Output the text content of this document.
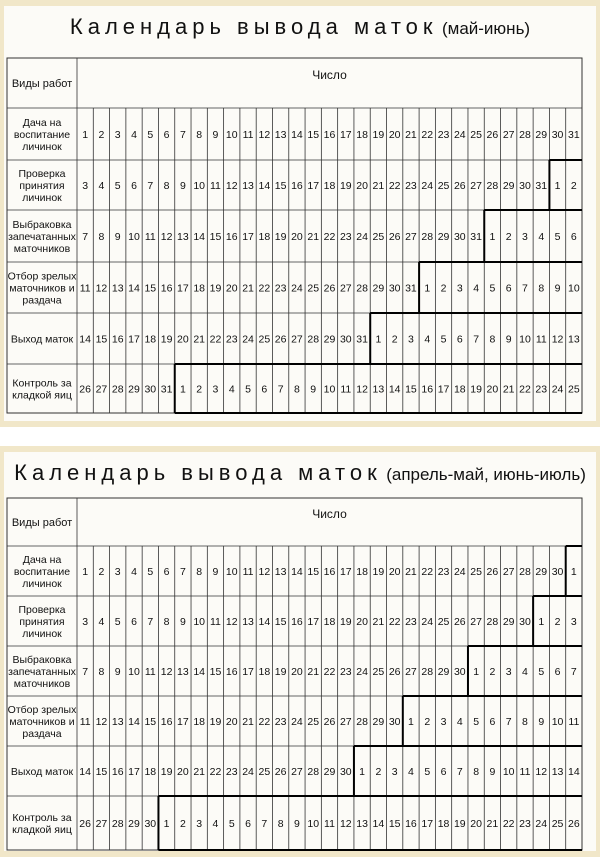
Календарь вывода маток (май-июнь)
Виды работ
Число
Дача на
воспитание
личинок
1 2 3 4 5 6 7 8 9 10 11 12 13 14 15 16 17 18 19 20 21 22 23 24 25 26 27 28 29 30 31
Проверка
принятия
личинок
3 4 5 6 7 8 9 10 11 12 13 14 15 16 17 18 19 20 21 22 23 24 25 26 27 28 29 30 31 1 2
Выбраковка
запечатанных
маточников
7 8 9 10 11 12 13 14 15 16 17 18 19 20 21 22 23 24 25 26 27 28 29 30 31 1 2 3 4 5 6
Отбор зрелых
маточников и
раздача
11 12 13 14 15 16 17 18 19 20 21 22 23 24 25 26 27 28 29 30 31 1 2 3 4 5 6 7 8 9 10
Выход маток 14 15 16 17 18 19 20 21 22 23 24 25 26 27 28 29 30 31 1 2 3 4 5 6 7 8 9 10 11 12 13
Контроль за
кладкой яиц 26 27 28 29 30 31 1 2 3 4 5 6 7 8 9 10 11 12 13 14 15 16 17 18 19 20 21 22 23 24 25
Календарь вывода маток (апрель-май, июнь-июль)
Виды работ
Число
Дача на
воспитание
личинок
1 2 3 4 5 6 7 8 9 10 11 12 13 14 15 16 17 18 19 20 21 22 23 24 25 26 27 28 29 30 1
Проверка
принятия
личинок
3 4 5 6 7 8 9 10 11 12 13 14 15 16 17 18 19 20 21 22 23 24 25 26 27 28 29 30 1 2 3
Выбраковка
запечатанных
маточников
7 8 9 10 11 12 13 14 15 16 17 18 19 20 21 22 23 24 25 26 27 28 29 30 1 2 3 4 5 6 7
Отбор зрелых
маточников и
раздача
11 12 13 14 15 16 17 18 19 20 21 22 23 24 25 26 27 28 29 30 1 2 3 4 5 6 7 8 9 10 11
Выход маток 14 15 16 17 18 19 20 21 22 23 24 25 26 27 28 29 30 1 2 3 4 5 6 7 8 9 10 11 12 13 14
Контроль за
кладкой яиц 26 27 28 29 30 1 2 3 4 5 6 7 8 9 10 11 12 13 14 15 16 17 18 19 20 21 22 23 24 25 26
